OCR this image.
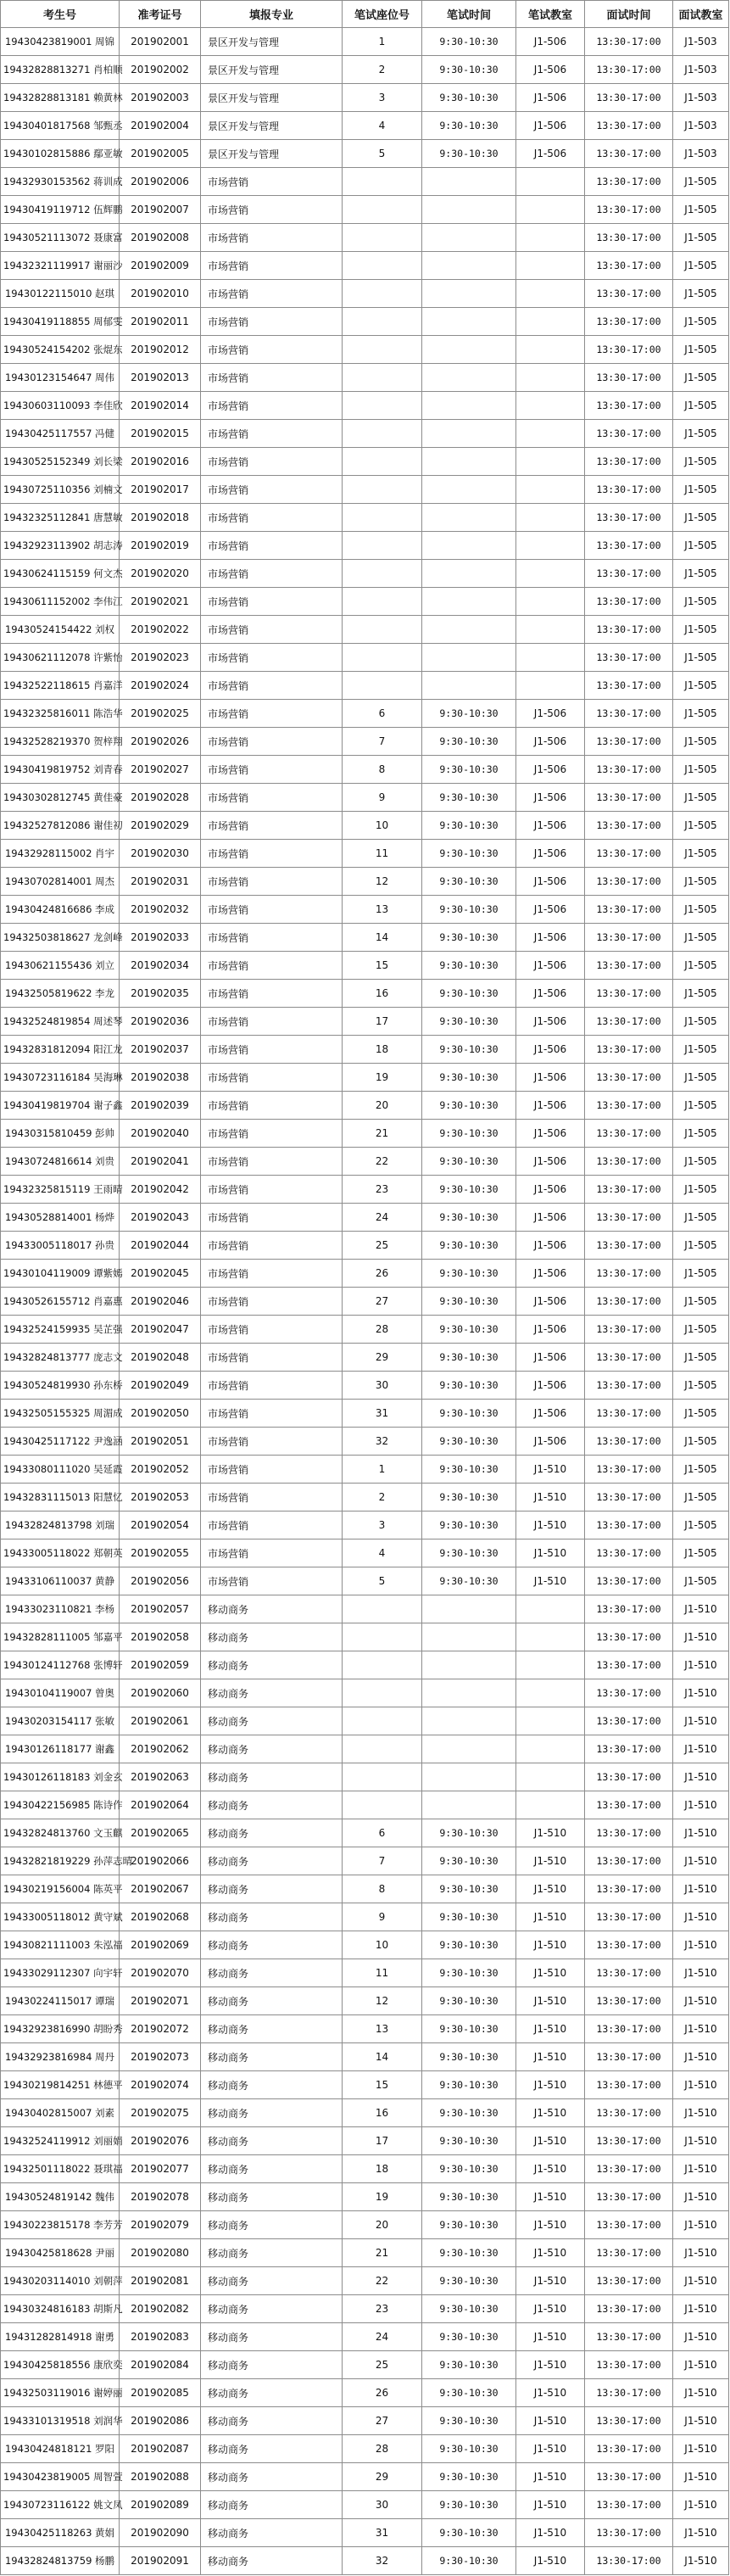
考生号	准考证号	填报专业	笔试座位号	笔试时间	笔试教室	面试时间	面试教室
19430423819001 周锦	201902001	景区开发与管理	1	9:30-10:30	J1-506	13:30-17:00	J1-503
19432828813271 肖柏顺	201902002	景区开发与管理	2	9:30-10:30	J1-506	13:30-17:00	J1-503
19432828813181 赖黄林	201902003	景区开发与管理	3	9:30-10:30	J1-506	13:30-17:00	J1-503
19430401817568 邹甄丞	201902004	景区开发与管理	4	9:30-10:30	J1-506	13:30-17:00	J1-503
19430102815886 鄢亚敏	201902005	景区开发与管理	5	9:30-10:30	J1-506	13:30-17:00	J1-503
19432930153562 蒋训成	201902006	市场营销				13:30-17:00	J1-505
19430419119712 伍辉鹏	201902007	市场营销				13:30-17:00	J1-505
19430521113072 聂康富	201902008	市场营销				13:30-17:00	J1-505
19432321119917 谢丽沙	201902009	市场营销				13:30-17:00	J1-505
19430122115010 赵琪	201902010	市场营销				13:30-17:00	J1-505
19430419118855 周郁雯	201902011	市场营销				13:30-17:00	J1-505
19430524154202 张焜东	201902012	市场营销				13:30-17:00	J1-505
19430123154647 周伟	201902013	市场营销				13:30-17:00	J1-505
19430603110093 李佳欣	201902014	市场营销				13:30-17:00	J1-505
19430425117557 冯健	201902015	市场营销				13:30-17:00	J1-505
19430525152349 刘长梁	201902016	市场营销				13:30-17:00	J1-505
19430725110356 刘楠文	201902017	市场营销				13:30-17:00	J1-505
19432325112841 唐慧敏	201902018	市场营销				13:30-17:00	J1-505
19432923113902 胡志涛	201902019	市场营销				13:30-17:00	J1-505
19430624115159 何文杰	201902020	市场营销				13:30-17:00	J1-505
19430611152002 李伟江	201902021	市场营销				13:30-17:00	J1-505
19430524154422 刘权	201902022	市场营销				13:30-17:00	J1-505
19430621112078 许紫怡	201902023	市场营销				13:30-17:00	J1-505
19432522118615 肖嘉洋	201902024	市场营销				13:30-17:00	J1-505
19432325816011 陈浩华	201902025	市场营销	6	9:30-10:30	J1-506	13:30-17:00	J1-505
19432528219370 贺梓翔	201902026	市场营销	7	9:30-10:30	J1-506	13:30-17:00	J1-505
19430419819752 刘青春	201902027	市场营销	8	9:30-10:30	J1-506	13:30-17:00	J1-505
19430302812745 黄佳豪	201902028	市场营销	9	9:30-10:30	J1-506	13:30-17:00	J1-505
19432527812086 谢佳初	201902029	市场营销	10	9:30-10:30	J1-506	13:30-17:00	J1-505
19432928115002 肖宇	201902030	市场营销	11	9:30-10:30	J1-506	13:30-17:00	J1-505
19430702814001 周杰	201902031	市场营销	12	9:30-10:30	J1-506	13:30-17:00	J1-505
19430424816686 李成	201902032	市场营销	13	9:30-10:30	J1-506	13:30-17:00	J1-505
19432503818627 龙剑峰	201902033	市场营销	14	9:30-10:30	J1-506	13:30-17:00	J1-505
19430621155436 刘立	201902034	市场营销	15	9:30-10:30	J1-506	13:30-17:00	J1-505
19432505819622 李龙	201902035	市场营销	16	9:30-10:30	J1-506	13:30-17:00	J1-505
19432524819854 周述琴	201902036	市场营销	17	9:30-10:30	J1-506	13:30-17:00	J1-505
19432831812094 阳江龙	201902037	市场营销	18	9:30-10:30	J1-506	13:30-17:00	J1-505
19430723116184 吴海琳	201902038	市场营销	19	9:30-10:30	J1-506	13:30-17:00	J1-505
19430419819704 谢子鑫	201902039	市场营销	20	9:30-10:30	J1-506	13:30-17:00	J1-505
19430315810459 彭帅	201902040	市场营销	21	9:30-10:30	J1-506	13:30-17:00	J1-505
19430724816614 刘贵	201902041	市场营销	22	9:30-10:30	J1-506	13:30-17:00	J1-505
19432325815119 王雨晴	201902042	市场营销	23	9:30-10:30	J1-506	13:30-17:00	J1-505
19430528814001 杨烨	201902043	市场营销	24	9:30-10:30	J1-506	13:30-17:00	J1-505
19433005118017 孙贵	201902044	市场营销	25	9:30-10:30	J1-506	13:30-17:00	J1-505
19430104119009 谭紫嫣	201902045	市场营销	26	9:30-10:30	J1-506	13:30-17:00	J1-505
19430526155712 肖嘉惠	201902046	市场营销	27	9:30-10:30	J1-506	13:30-17:00	J1-505
19432524159935 吴芷强	201902047	市场营销	28	9:30-10:30	J1-506	13:30-17:00	J1-505
19432824813777 庞志文	201902048	市场营销	29	9:30-10:30	J1-506	13:30-17:00	J1-505
19430524819930 孙东桥	201902049	市场营销	30	9:30-10:30	J1-506	13:30-17:00	J1-505
19432505155325 周湄成	201902050	市场营销	31	9:30-10:30	J1-506	13:30-17:00	J1-505
19430425117122 尹逸涵	201902051	市场营销	32	9:30-10:30	J1-506	13:30-17:00	J1-505
19433080111020 吴延霞	201902052	市场营销	1	9:30-10:30	J1-510	13:30-17:00	J1-505
19432831115013 阳慧忆	201902053	市场营销	2	9:30-10:30	J1-510	13:30-17:00	J1-505
19432824813798 刘瑞	201902054	市场营销	3	9:30-10:30	J1-510	13:30-17:00	J1-505
19433005118022 郑朝英	201902055	市场营销	4	9:30-10:30	J1-510	13:30-17:00	J1-505
19433106110037 黄静	201902056	市场营销	5	9:30-10:30	J1-510	13:30-17:00	J1-505
19433023110821 李杨	201902057	移动商务				13:30-17:00	J1-510
19432828111005 邹嘉平	201902058	移动商务				13:30-17:00	J1-510
19430124112768 张博轩	201902059	移动商务				13:30-17:00	J1-510
19430104119007 曾奥	201902060	移动商务				13:30-17:00	J1-510
19430203154117 张敏	201902061	移动商务				13:30-17:00	J1-510
19430126118177 谢鑫	201902062	移动商务				13:30-17:00	J1-510
19430126118183 刘金玄	201902063	移动商务				13:30-17:00	J1-510
19430422156985 陈诗作	201902064	移动商务				13:30-17:00	J1-510
19432824813760 文玉麒	201902065	移动商务	6	9:30-10:30	J1-510	13:30-17:00	J1-510
19432821819229 孙萍志晴	201902066	移动商务	7	9:30-10:30	J1-510	13:30-17:00	J1-510
19430219156004 陈英平	201902067	移动商务	8	9:30-10:30	J1-510	13:30-17:00	J1-510
19433005118012 黄守斌	201902068	移动商务	9	9:30-10:30	J1-510	13:30-17:00	J1-510
19430821111003 朱泓福	201902069	移动商务	10	9:30-10:30	J1-510	13:30-17:00	J1-510
19433029112307 向宇轩	201902070	移动商务	11	9:30-10:30	J1-510	13:30-17:00	J1-510
19430224115017 谭瑞	201902071	移动商务	12	9:30-10:30	J1-510	13:30-17:00	J1-510
19432923816990 胡盼秀	201902072	移动商务	13	9:30-10:30	J1-510	13:30-17:00	J1-510
19432923816984 周丹	201902073	移动商务	14	9:30-10:30	J1-510	13:30-17:00	J1-510
19430219814251 林德平	201902074	移动商务	15	9:30-10:30	J1-510	13:30-17:00	J1-510
19430402815007 刘素	201902075	移动商务	16	9:30-10:30	J1-510	13:30-17:00	J1-510
19432524119912 刘丽娟	201902076	移动商务	17	9:30-10:30	J1-510	13:30-17:00	J1-510
19432501118022 聂琪福	201902077	移动商务	18	9:30-10:30	J1-510	13:30-17:00	J1-510
19430524819142 魏伟	201902078	移动商务	19	9:30-10:30	J1-510	13:30-17:00	J1-510
19430223815178 李芳芳	201902079	移动商务	20	9:30-10:30	J1-510	13:30-17:00	J1-510
19430425818628 尹丽	201902080	移动商务	21	9:30-10:30	J1-510	13:30-17:00	J1-510
19430203114010 刘朝萍	201902081	移动商务	22	9:30-10:30	J1-510	13:30-17:00	J1-510
19430324816183 胡斯凡	201902082	移动商务	23	9:30-10:30	J1-510	13:30-17:00	J1-510
19431282814918 谢勇	201902083	移动商务	24	9:30-10:30	J1-510	13:30-17:00	J1-510
19430425818556 康欣奕	201902084	移动商务	25	9:30-10:30	J1-510	13:30-17:00	J1-510
19432503119016 谢婷丽	201902085	移动商务	26	9:30-10:30	J1-510	13:30-17:00	J1-510
19433101319518 刘润华	201902086	移动商务	27	9:30-10:30	J1-510	13:30-17:00	J1-510
19430424818121 罗阳	201902087	移动商务	28	9:30-10:30	J1-510	13:30-17:00	J1-510
19430423819005 周智萱	201902088	移动商务	29	9:30-10:30	J1-510	13:30-17:00	J1-510
19430723116122 姚文凤	201902089	移动商务	30	9:30-10:30	J1-510	13:30-17:00	J1-510
19430425118263 黄娟	201902090	移动商务	31	9:30-10:30	J1-510	13:30-17:00	J1-510
19432824813759 杨鹏	201902091	移动商务	32	9:30-10:30	J1-510	13:30-17:00	J1-510
